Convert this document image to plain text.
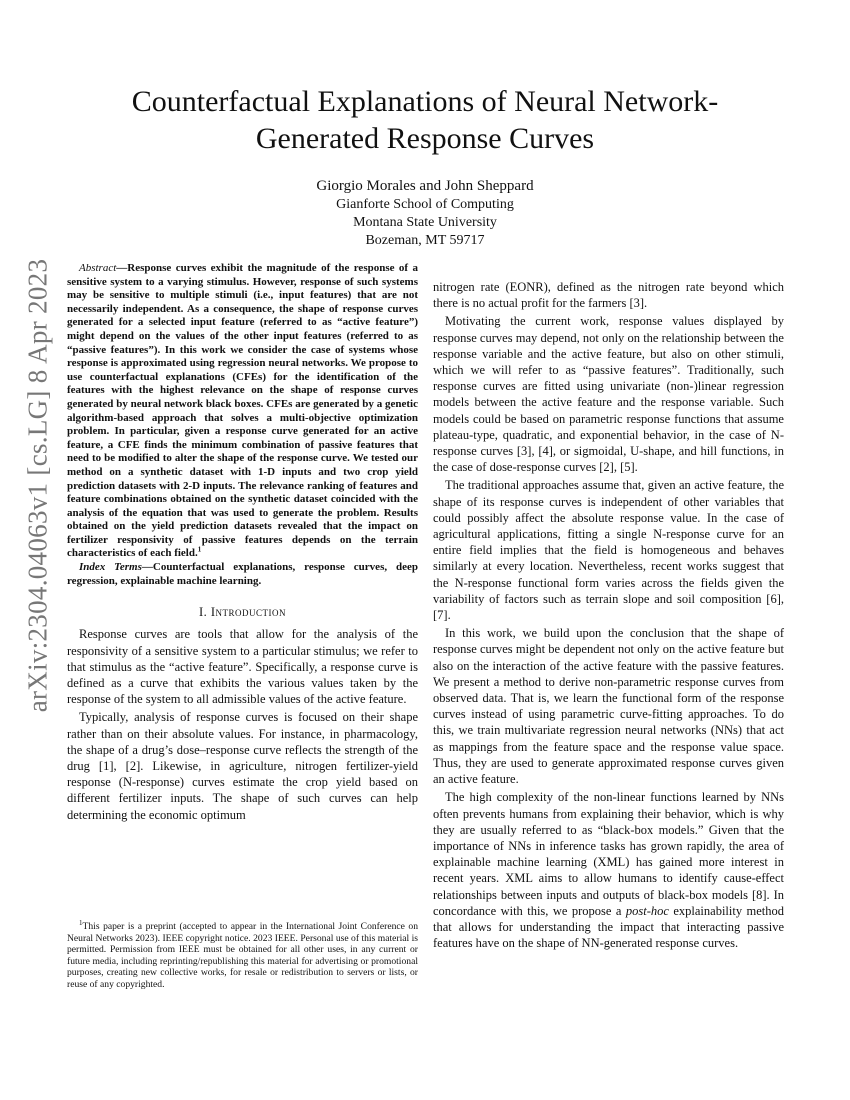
arXiv:2304.04063v1 [cs.LG] 8 Apr 2023
Counterfactual Explanations of Neural Network-Generated Response Curves
Giorgio Morales and John Sheppard
Gianforte School of Computing
Montana State University
Bozeman, MT 59717

Abstract—Response curves exhibit the magnitude of the response of a sensitive system to a varying stimulus. However, response of such systems may be sensitive to multiple stimuli (i.e., input features) that are not necessarily independent. As a consequence, the shape of response curves generated for a selected input feature (referred to as “active feature”) might depend on the values of the other input features (referred to as “passive features”). In this work we consider the case of systems whose response is approximated using regression neural networks. We propose to use counterfactual explanations (CFEs) for the identification of the features with the highest relevance on the shape of response curves generated by neural network black boxes. CFEs are generated by a genetic algorithm-based approach that solves a multi-objective optimization problem. In particular, given a response curve generated for an active feature, a CFE finds the minimum combination of passive features that need to be modified to alter the shape of the response curve. We tested our method on a synthetic dataset with 1-D inputs and two crop yield prediction datasets with 2-D inputs. The relevance ranking of features and feature combinations obtained on the synthetic dataset coincided with the analysis of the equation that was used to generate the problem. Results obtained on the yield prediction datasets revealed that the impact on fertilizer responsivity of passive features depends on the terrain characteristics of each field.$^1$

Index Terms—Counterfactual explanations, response curves, deep regression, explainable machine learning.

I. Introduction

Response curves are tools that allow for the analysis of the responsivity of a sensitive system to a particular stimulus; we refer to that stimulus as the “active feature”. Specifically, a response curve is defined as a curve that exhibits the various values taken by the response of the system to all admissible values of the active feature.

Typically, analysis of response curves is focused on their shape rather than on their absolute values. For instance, in pharmacology, the shape of a drug’s dose–response curve reflects the strength of the drug [1], [2]. Likewise, in agriculture, nitrogen fertilizer-yield response (N-response) curves estimate the crop yield based on different fertilizer inputs. The shape of such curves can help determining the economic optimum

$^1$This paper is a preprint (accepted to appear in the International Joint Conference on Neural Networks 2023). IEEE copyright notice. 2023 IEEE. Personal use of this material is permitted. Permission from IEEE must be obtained for all other uses, in any current or future media, including reprinting/republishing this material for advertising or promotional purposes, creating new collective works, for resale or redistribution to servers or lists, or reuse of any copyrighted.

nitrogen rate (EONR), defined as the nitrogen rate beyond which there is no actual profit for the farmers [3].

Motivating the current work, response values displayed by response curves may depend, not only on the relationship between the response variable and the active feature, but also on other stimuli, which we will refer to as “passive features”. Traditionally, such response curves are fitted using univariate (non-)linear regression models between the active feature and the response variable. Such models could be based on parametric response functions that assume plateau-type, quadratic, and exponential behavior, in the case of N-response curves [3], [4], or sigmoidal, U-shape, and hill functions, in the case of dose-response curves [2], [5].

The traditional approaches assume that, given an active feature, the shape of its response curves is independent of other variables that could possibly affect the absolute response value. In the case of agricultural applications, fitting a single N-response curve for an entire field implies that the field is homogeneous and behaves similarly at every location. Nevertheless, recent works suggest that the N-response functional form varies across the fields given the variability of factors such as terrain slope and soil composition [6], [7].

In this work, we build upon the conclusion that the shape of response curves might be dependent not only on the active feature but also on the interaction of the active feature with the passive features. We present a method to derive non-parametric response curves from observed data. That is, we learn the functional form of the response curves instead of using parametric curve-fitting approaches. To do this, we train multivariate regression neural networks (NNs) that act as mappings from the feature space and the response value space. Thus, they are used to generate approximated response curves given an active feature.

The high complexity of the non-linear functions learned by NNs often prevents humans from explaining their behavior, which is why they are usually referred to as “black-box models.” Given that the importance of NNs in inference tasks has grown rapidly, the area of explainable machine learning (XML) has gained more interest in recent years. XML aims to allow humans to identify cause-effect relationships between inputs and outputs of black-box models [8]. In concordance with this, we propose a post-hoc explainability method that allows for understanding the impact that interacting passive features have on the shape of NN-generated response curves.
